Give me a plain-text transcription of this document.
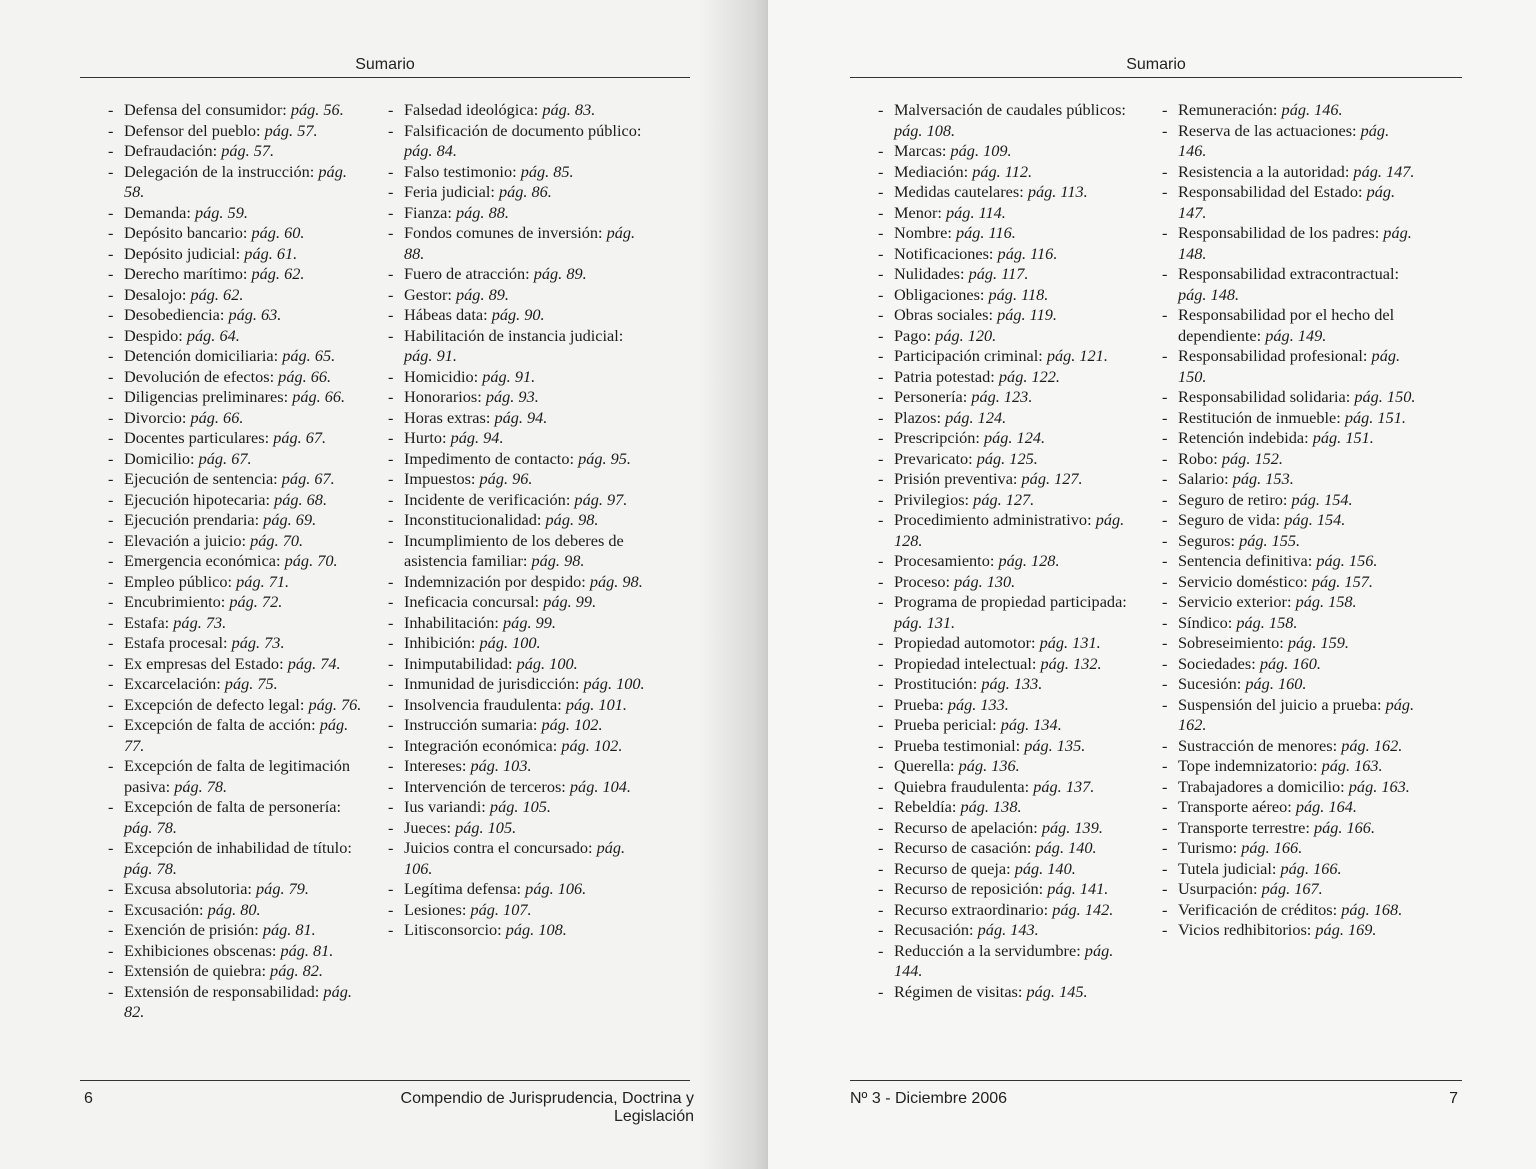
Sumario
- Defensa del consumidor: pág. 56.
- Defensor del pueblo: pág. 57.
- Defraudación: pág. 57.
- Delegación de la instrucción: pág. 58.
- Demanda: pág. 59.
- Depósito bancario: pág. 60.
- Depósito judicial: pág. 61.
- Derecho marítimo: pág. 62.
- Desalojo: pág. 62.
- Desobediencia: pág. 63.
- Despido: pág. 64.
- Detención domiciliaria: pág. 65.
- Devolución de efectos: pág. 66.
- Diligencias preliminares: pág. 66.
- Divorcio: pág. 66.
- Docentes particulares: pág. 67.
- Domicilio: pág. 67.
- Ejecución de sentencia: pág. 67.
- Ejecución hipotecaria: pág. 68.
- Ejecución prendaria: pág. 69.
- Elevación a juicio: pág. 70.
- Emergencia económica: pág. 70.
- Empleo público: pág. 71.
- Encubrimiento: pág. 72.
- Estafa: pág. 73.
- Estafa procesal: pág. 73.
- Ex empresas del Estado: pág. 74.
- Excarcelación: pág. 75.
- Excepción de defecto legal: pág. 76.
- Excepción de falta de acción: pág. 77.
- Excepción de falta de legitimación pasiva: pág. 78.
- Excepción de falta de personería: pág. 78.
- Excepción de inhabilidad de título: pág. 78.
- Excusa absolutoria: pág. 79.
- Excusación: pág. 80.
- Exención de prisión: pág. 81.
- Exhibiciones obscenas: pág. 81.
- Extensión de quiebra: pág. 82.
- Extensión de responsabilidad: pág. 82.
- Falsedad ideológica: pág. 83.
- Falsificación de documento público: pág. 84.
- Falso testimonio: pág. 85.
- Feria judicial: pág. 86.
- Fianza: pág. 88.
- Fondos comunes de inversión: pág. 88.
- Fuero de atracción: pág. 89.
- Gestor: pág. 89.
- Hábeas data: pág. 90.
- Habilitación de instancia judicial: pág. 91.
- Homicidio: pág. 91.
- Honorarios: pág. 93.
- Horas extras: pág. 94.
- Hurto: pág. 94.
- Impedimento de contacto: pág. 95.
- Impuestos: pág. 96.
- Incidente de verificación: pág. 97.
- Inconstitucionalidad: pág. 98.
- Incumplimiento de los deberes de asistencia familiar: pág. 98.
- Indemnización por despido: pág. 98.
- Ineficacia concursal: pág. 99.
- Inhabilitación: pág. 99.
- Inhibición: pág. 100.
- Inimputabilidad: pág. 100.
- Inmunidad de jurisdicción: pág. 100.
- Insolvencia fraudulenta: pág. 101.
- Instrucción sumaria: pág. 102.
- Integración económica: pág. 102.
- Intereses: pág. 103.
- Intervención de terceros: pág. 104.
- Ius variandi: pág. 105.
- Jueces: pág. 105.
- Juicios contra el concursado: pág. 106.
- Legítima defensa: pág. 106.
- Lesiones: pág. 107.
- Litisconsorcio: pág. 108.
6	Compendio de Jurisprudencia, Doctrina y Legislación
Sumario
- Malversación de caudales públicos: pág. 108.
- Marcas: pág. 109.
- Mediación: pág. 112.
- Medidas cautelares: pág. 113.
- Menor: pág. 114.
- Nombre: pág. 116.
- Notificaciones: pág. 116.
- Nulidades: pág. 117.
- Obligaciones: pág. 118.
- Obras sociales: pág. 119.
- Pago: pág. 120.
- Participación criminal: pág. 121.
- Patria potestad: pág. 122.
- Personería: pág. 123.
- Plazos: pág. 124.
- Prescripción: pág. 124.
- Prevaricato: pág. 125.
- Prisión preventiva: pág. 127.
- Privilegios: pág. 127.
- Procedimiento administrativo: pág. 128.
- Procesamiento: pág. 128.
- Proceso: pág. 130.
- Programa de propiedad participada: pág. 131.
- Propiedad automotor: pág. 131.
- Propiedad intelectual: pág. 132.
- Prostitución: pág. 133.
- Prueba: pág. 133.
- Prueba pericial: pág. 134.
- Prueba testimonial: pág. 135.
- Querella: pág. 136.
- Quiebra fraudulenta: pág. 137.
- Rebeldía: pág. 138.
- Recurso de apelación: pág. 139.
- Recurso de casación: pág. 140.
- Recurso de queja: pág. 140.
- Recurso de reposición: pág. 141.
- Recurso extraordinario: pág. 142.
- Recusación: pág. 143.
- Reducción a la servidumbre: pág. 144.
- Régimen de visitas: pág. 145.
- Remuneración: pág. 146.
- Reserva de las actuaciones: pág. 146.
- Resistencia a la autoridad: pág. 147.
- Responsabilidad del Estado: pág. 147.
- Responsabilidad de los padres: pág. 148.
- Responsabilidad extracontractual: pág. 148.
- Responsabilidad por el hecho del dependiente: pág. 149.
- Responsabilidad profesional: pág. 150.
- Responsabilidad solidaria: pág. 150.
- Restitución de inmueble: pág. 151.
- Retención indebida: pág. 151.
- Robo: pág. 152.
- Salario: pág. 153.
- Seguro de retiro: pág. 154.
- Seguro de vida: pág. 154.
- Seguros: pág. 155.
- Sentencia definitiva: pág. 156.
- Servicio doméstico: pág. 157.
- Servicio exterior: pág. 158.
- Síndico: pág. 158.
- Sobreseimiento: pág. 159.
- Sociedades: pág. 160.
- Sucesión: pág. 160.
- Suspensión del juicio a prueba: pág. 162.
- Sustracción de menores: pág. 162.
- Tope indemnizatorio: pág. 163.
- Trabajadores a domicilio: pág. 163.
- Transporte aéreo: pág. 164.
- Transporte terrestre: pág. 166.
- Turismo: pág. 166.
- Tutela judicial: pág. 166.
- Usurpación: pág. 167.
- Verificación de créditos: pág. 168.
- Vicios redhibitorios: pág. 169.
Nº 3 - Diciembre 2006	7
